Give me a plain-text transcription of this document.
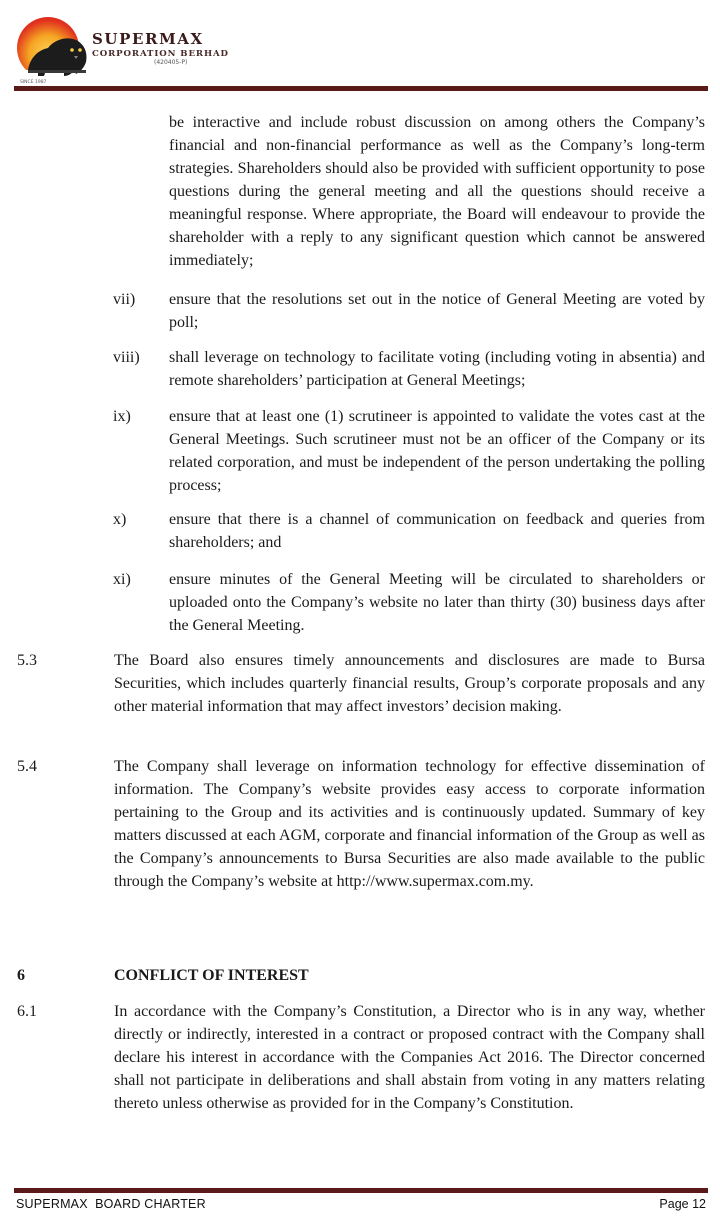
SUPERMAX
CORPORATION BERHAD
(420405-P)
SINCE 1987

be interactive and include robust discussion on among others the Company’s financial and non-financial performance as well as the Company’s long-term strategies. Shareholders should also be provided with sufficient opportunity to pose questions during the general meeting and all the questions should receive a meaningful response. Where appropriate, the Board will endeavour to provide the shareholder with a reply to any significant question which cannot be answered immediately;

vii) ensure that the resolutions set out in the notice of General Meeting are voted by poll;

viii) shall leverage on technology to facilitate voting (including voting in absentia) and remote shareholders’ participation at General Meetings;

ix) ensure that at least one (1) scrutineer is appointed to validate the votes cast at the General Meetings. Such scrutineer must not be an officer of the Company or its related corporation, and must be independent of the person undertaking the polling process;

x)	ensure that there is a channel of communication on feedback and queries from shareholders; and

xi) ensure minutes of the General Meeting will be circulated to shareholders or uploaded onto the Company’s website no later than thirty (30) business days after the General Meeting.

5.3	The Board also ensures timely announcements and disclosures are made to Bursa Securities, which includes quarterly financial results, Group’s corporate proposals and any other material information that may affect investors’ decision making.

5.4	The Company shall leverage on information technology for effective dissemination of information. The Company’s website provides easy access to corporate information pertaining to the Group and its activities and is continuously updated. Summary of key matters discussed at each AGM, corporate and financial information of the Group as well as the Company’s announcements to Bursa Securities are also made available to the public through the Company’s website at http://www.supermax.com.my.

6	CONFLICT OF INTEREST
6.1	In accordance with the Company’s Constitution, a Director who is in any way, whether directly or indirectly, interested in a contract or proposed contract with the Company shall declare his interest in accordance with the Companies Act 2016. The Director concerned shall not participate in deliberations and shall abstain from voting in any matters relating thereto unless otherwise as provided for in the Company’s Constitution.

SUPERMAX  BOARD CHARTER	Page 12
